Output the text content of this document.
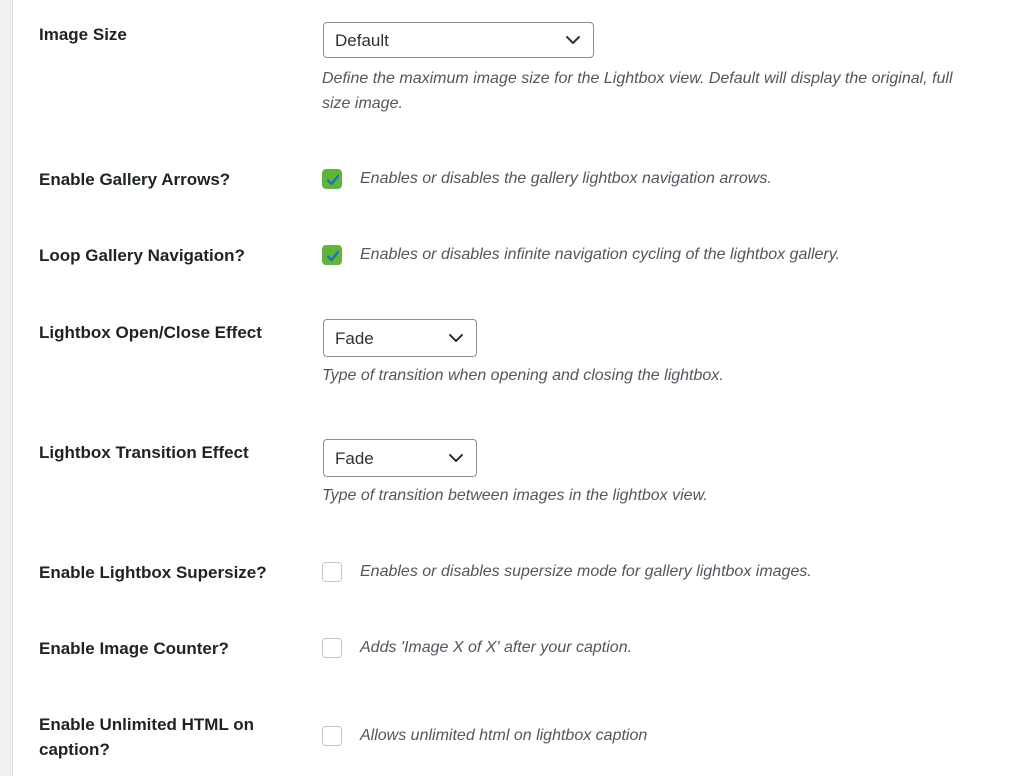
Image Size	Default
Define the maximum image size for the Lightbox view. Default will display the original, full size image.
Enable Gallery Arrows?	Enables or disables the gallery lightbox navigation arrows.
Loop Gallery Navigation?	Enables or disables infinite navigation cycling of the lightbox gallery.
Lightbox Open/Close Effect	Fade
Type of transition when opening and closing the lightbox.
Lightbox Transition Effect	Fade
Type of transition between images in the lightbox view.
Enable Lightbox Supersize?	Enables or disables supersize mode for gallery lightbox images.
Enable Image Counter?	Adds 'Image X of X' after your caption.
Enable Unlimited HTML on caption?
Allows unlimited html on lightbox caption
